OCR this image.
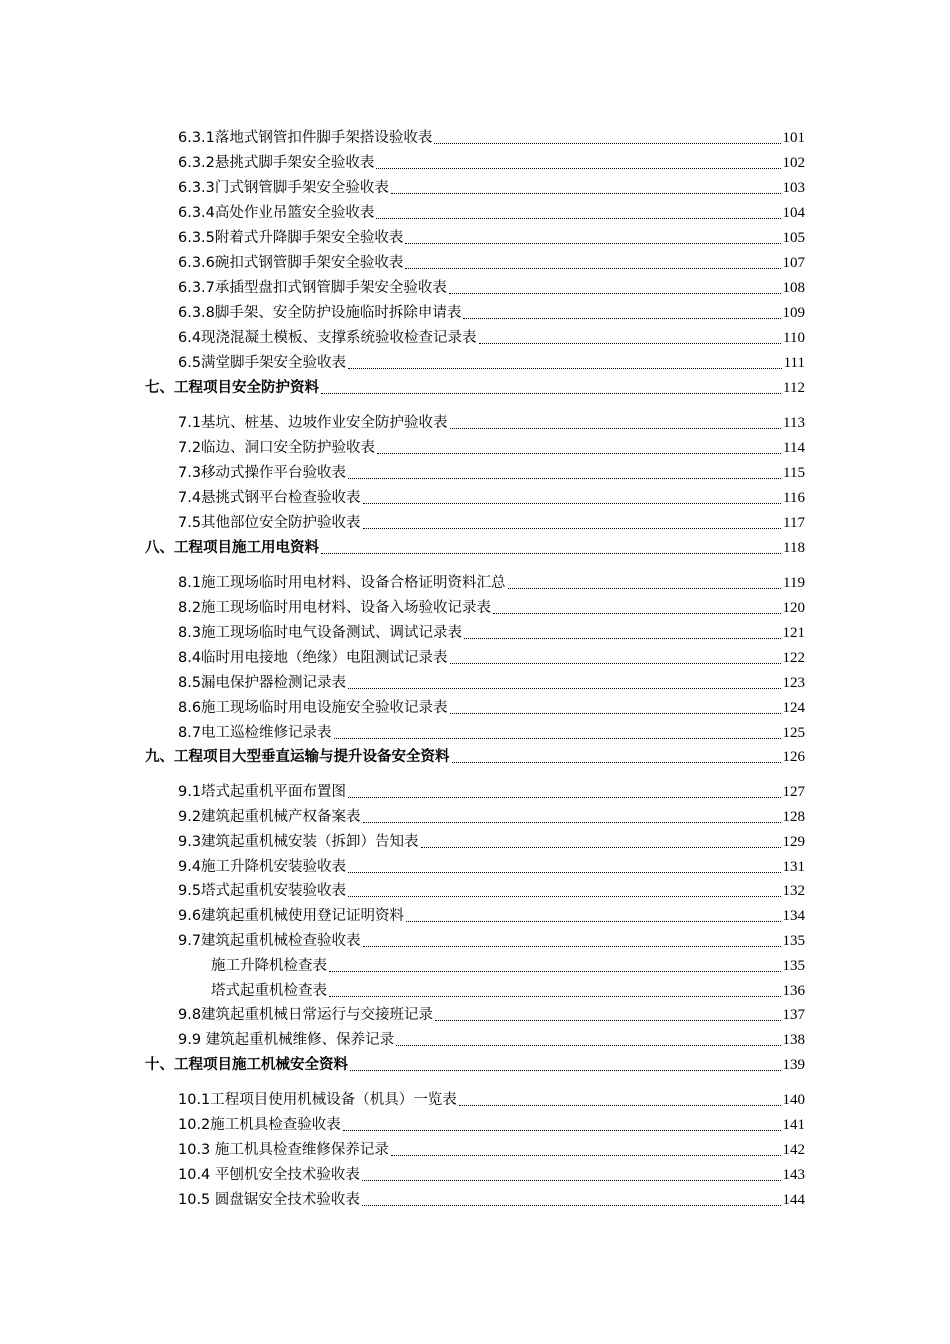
6.3.1落地式钢管扣件脚手架搭设验收表	101
6.3.2悬挑式脚手架安全验收表	102
6.3.3门式钢管脚手架安全验收表	103
6.3.4高处作业吊篮安全验收表	104
6.3.5附着式升降脚手架安全验收表	105
6.3.6碗扣式钢管脚手架安全验收表	107
6.3.7承插型盘扣式钢管脚手架安全验收表	108
6.3.8脚手架、安全防护设施临时拆除申请表	109
6.4现浇混凝土模板、支撑系统验收检查记录表	110
6.5满堂脚手架安全验收表	111
七、工程项目安全防护资料	112
7.1基坑、桩基、边坡作业安全防护验收表	113
7.2临边、洞口安全防护验收表	114
7.3移动式操作平台验收表	115
7.4悬挑式钢平台检查验收表	116
7.5其他部位安全防护验收表	117
八、工程项目施工用电资料	118
8.1施工现场临时用电材料、设备合格证明资料汇总	119
8.2施工现场临时用电材料、设备入场验收记录表	120
8.3施工现场临时电气设备测试、调试记录表	121
8.4临时用电接地（绝缘）电阻测试记录表	122
8.5漏电保护器检测记录表	123
8.6施工现场临时用电设施安全验收记录表	124
8.7电工巡检维修记录表	125
九、工程项目大型垂直运输与提升设备安全资料	126
9.1塔式起重机平面布置图	127
9.2建筑起重机械产权备案表	128
9.3建筑起重机械安装（拆卸）告知表	129
9.4施工升降机安装验收表	131
9.5塔式起重机安装验收表	132
9.6建筑起重机械使用登记证明资料	134
9.7建筑起重机械检查验收表	135
施工升降机检查表	135
塔式起重机检查表	136
9.8建筑起重机械日常运行与交接班记录	137
9.9 建筑起重机械维修、保养记录	138
十、工程项目施工机械安全资料	139
10.1工程项目使用机械设备（机具）一览表	140
10.2施工机具检查验收表	141
10.3 施工机具检查维修保养记录	142
10.4 平刨机安全技术验收表	143
10.5 圆盘锯安全技术验收表	144
